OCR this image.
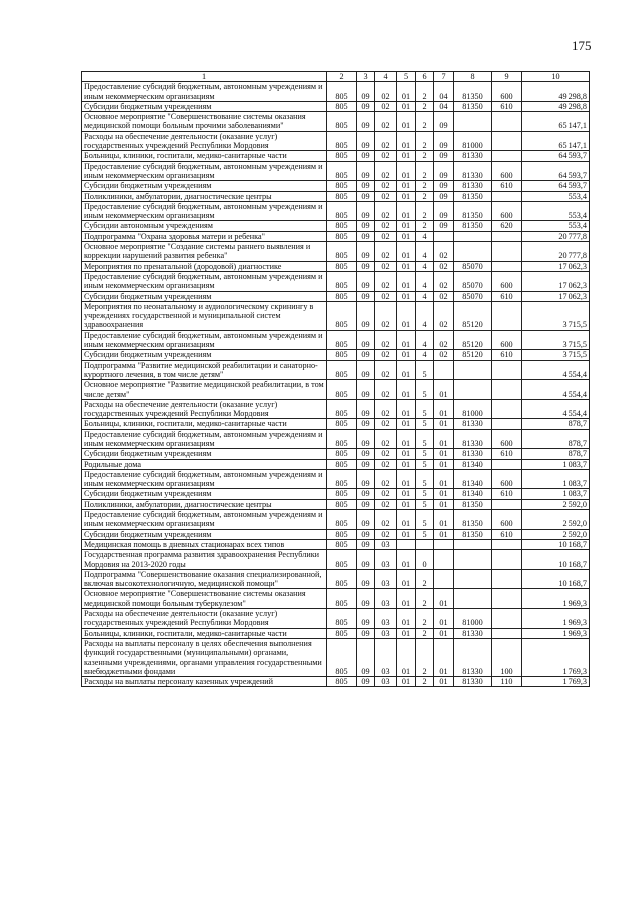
175
1	2	3	4	5	6	7	8	9	10
Предоставление субсидий бюджетным, автономным учреждениям и иным некоммерческим организациям	805	09	02	01	2	04	81350	600	49 298,8
Субсидии бюджетным учреждениям	805	09	02	01	2	04	81350	610	49 298,8
Основное мероприятие "Совершенствование системы оказания медицинской помощи больным прочими заболеваниями"	805	09	02	01	2	09			65 147,1
Расходы на обеспечение деятельности (оказание услуг) государственных учреждений Республики Мордовия	805	09	02	01	2	09	81000		65 147,1
Больницы, клиники, госпитали, медико-санитарные части	805	09	02	01	2	09	81330		64 593,7
Предоставление субсидий бюджетным, автономным учреждениям и иным некоммерческим организациям	805	09	02	01	2	09	81330	600	64 593,7
Субсидии бюджетным учреждениям	805	09	02	01	2	09	81330	610	64 593,7
Поликлиники, амбулатории, диагностические центры	805	09	02	01	2	09	81350		553,4
Предоставление субсидий бюджетным, автономным учреждениям и иным некоммерческим организациям	805	09	02	01	2	09	81350	600	553,4
Субсидии автономным учреждениям	805	09	02	01	2	09	81350	620	553,4
Подпрограмма "Охрана здоровья матери и ребенка"	805	09	02	01	4				20 777,8
Основное мероприятие "Создание системы раннего выявления и коррекции нарушений развития ребенка"	805	09	02	01	4	02			20 777,8
Мероприятия по пренатальной (дородовой) диагностике	805	09	02	01	4	02	85070		17 062,3
Предоставление субсидий бюджетным, автономным учреждениям и иным некоммерческим организациям	805	09	02	01	4	02	85070	600	17 062,3
Субсидии бюджетным учреждениям	805	09	02	01	4	02	85070	610	17 062,3
Мероприятия по неонатальному и аудиологическому скринингу в учреждениях государственной и муниципальной систем здравоохранения	805	09	02	01	4	02	85120		3 715,5
Предоставление субсидий бюджетным, автономным учреждениям и иным некоммерческим организациям	805	09	02	01	4	02	85120	600	3 715,5
Субсидии бюджетным учреждениям	805	09	02	01	4	02	85120	610	3 715,5
Подпрограмма "Развитие медицинской реабилитации и санаторно-курортного лечения, в том числе детям"	805	09	02	01	5				4 554,4
Основное мероприятие "Развитие медицинской реабилитации, в том числе детям"	805	09	02	01	5	01			4 554,4
Расходы на обеспечение деятельности (оказание услуг) государственных учреждений Республики Мордовия	805	09	02	01	5	01	81000		4 554,4
Больницы, клиники, госпитали, медико-санитарные части	805	09	02	01	5	01	81330		878,7
Предоставление субсидий бюджетным, автономным учреждениям и иным некоммерческим организациям	805	09	02	01	5	01	81330	600	878,7
Субсидии бюджетным учреждениям	805	09	02	01	5	01	81330	610	878,7
Родильные дома	805	09	02	01	5	01	81340		1 083,7
Предоставление субсидий бюджетным, автономным учреждениям и иным некоммерческим организациям	805	09	02	01	5	01	81340	600	1 083,7
Субсидии бюджетным учреждениям	805	09	02	01	5	01	81340	610	1 083,7
Поликлиники, амбулатории, диагностические центры	805	09	02	01	5	01	81350		2 592,0
Предоставление субсидий бюджетным, автономным учреждениям и иным некоммерческим организациям	805	09	02	01	5	01	81350	600	2 592,0
Субсидии бюджетным учреждениям	805	09	02	01	5	01	81350	610	2 592,0
Медицинская помощь в дневных стационарах всех типов	805	09	03						10 168,7
Государственная программа развития здравоохранения Республики Мордовия на 2013-2020 годы	805	09	03	01	0				10 168,7
Подпрограмма "Совершенствование оказания специализированной, включая высокотехнологичную, медицинской помощи"	805	09	03	01	2				10 168,7
Основное мероприятие "Совершенствование системы оказания медицинской помощи больным туберкулезом"	805	09	03	01	2	01			1 969,3
Расходы на обеспечение деятельности (оказание услуг) государственных учреждений Республики Мордовия	805	09	03	01	2	01	81000		1 969,3
Больницы, клиники, госпитали, медико-санитарные части	805	09	03	01	2	01	81330		1 969,3
Расходы на выплаты персоналу в целях обеспечения выполнения функций государственными (муниципальными) органами, казенными учреждениями, органами управления государственными внебюджетными фондами	805	09	03	01	2	01	81330	100	1 769,3
Расходы на выплаты персоналу казенных учреждений	805	09	03	01	2	01	81330	110	1 769,3
